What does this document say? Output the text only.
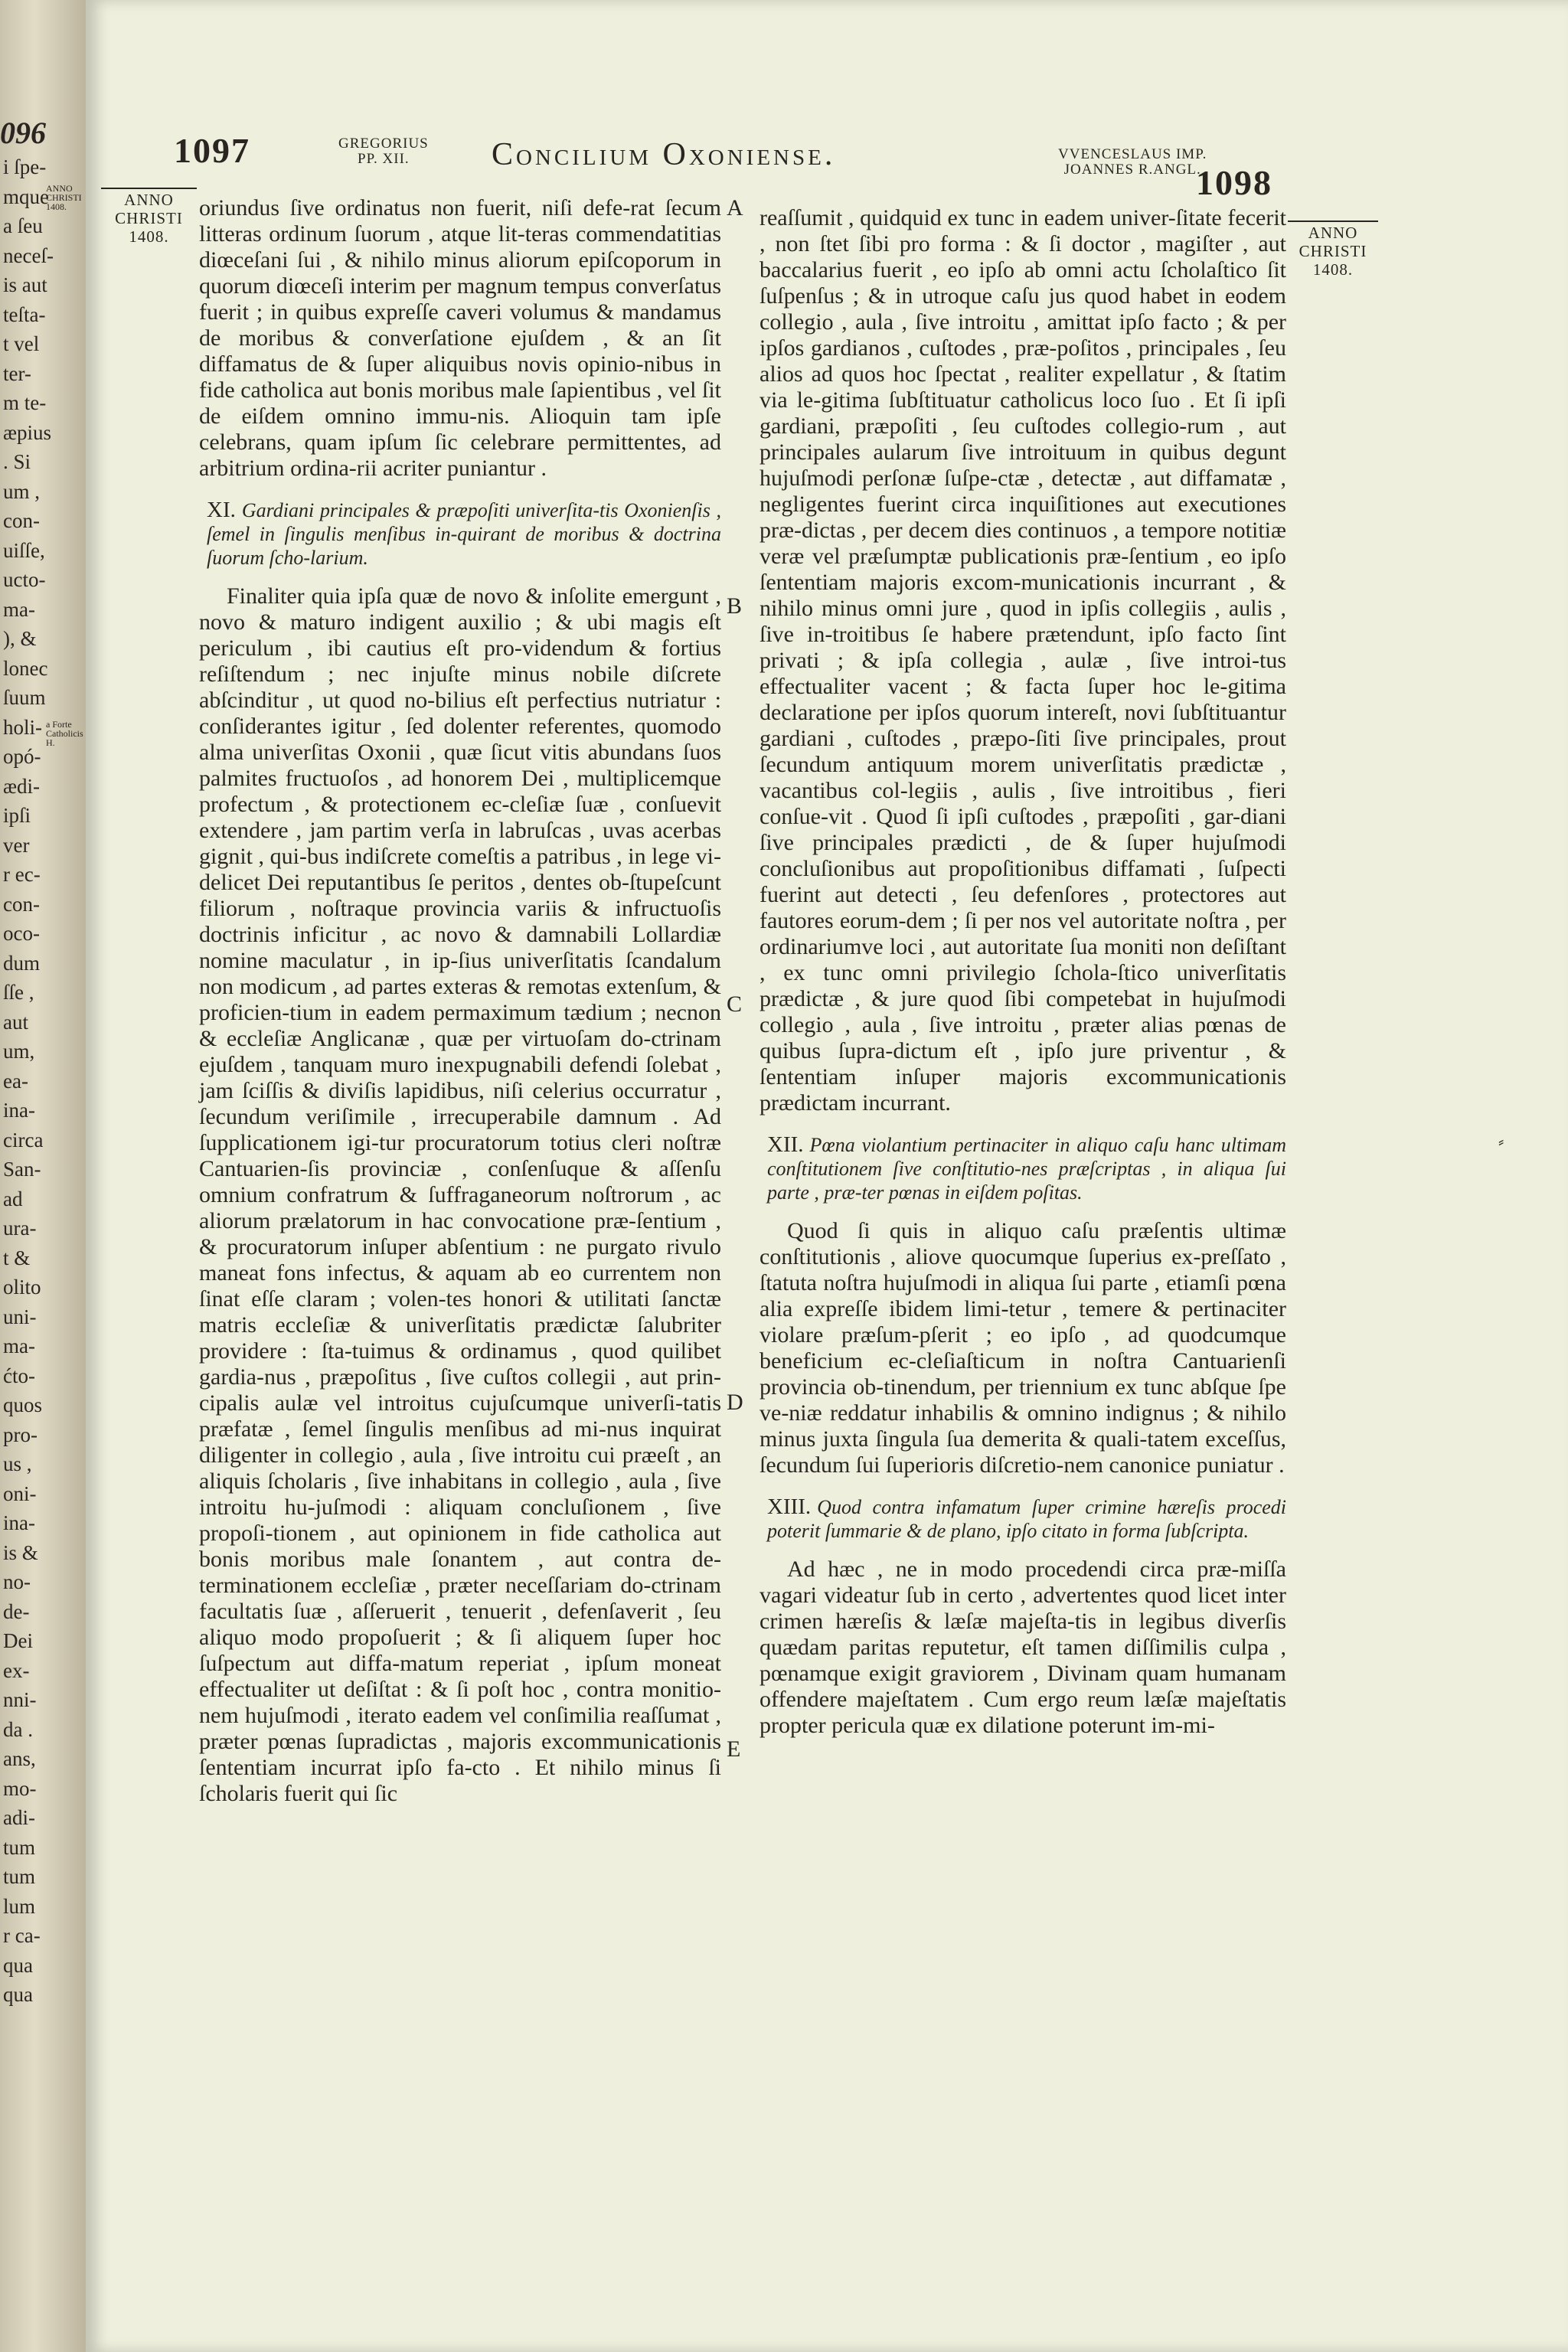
096
i ſpe-
mque
a ſeu
neceſ-
is aut
teſta-
t vel
ter-
m te-
æpius
. Si
um ,
con-
uiſſe,
ucto-
ma-
), &
lonec
ſuum
holi-
opó-
ædi-
ipſi
ver
r ec-
con-
oco-
dum
ſſe ,
aut
um,
ea-
ina-
circa
San-
ad
ura-
t &
olito
uni-
ma-
ćto-
quos
pro-
us ,
oni-
ina-
is &
no-
de-
Dei
ex-
nni-
da .
ans,
mo-
adi-
tum
tum
lum
r ca-
qua
qua
ANNO CHRISTI 1408.
a Forte Catholicis H.
1097	GREGORIUS
PP. XII.	Concilium Oxonienſe.	VVENCESLAUS IMP.
JOANNES R.ANGL.
1098
ANNO
CHRISTI
1408.	ANNO
CHRISTI
1408.
A
B
C
D
E
⸗

oriundus ſive ordinatus non fuerit, niſi defe-rat ſecum litteras ordinum ſuorum , atque lit-teras commendatitias diœceſani ſui , & nihilo minus aliorum epiſcoporum in quorum diœceſi interim per magnum tempus converſatus fuerit ; in quibus expreſſe caveri volumus & mandamus de moribus & converſatione ejuſdem , & an ſit diffamatus de & ſuper aliquibus novis opinio-nibus in fide catholica aut bonis moribus male ſapientibus , vel ſit de eiſdem omnino immu-nis. Alioquin tam ipſe celebrans, quam ipſum ſic celebrare permittentes, ad arbitrium ordina-rii acriter puniantur .

XI. Gardiani principales & præpoſiti univerſita-tis Oxonienſis , ſemel in ſingulis menſibus in-quirant de moribus & doctrina ſuorum ſcho-larium.

Finaliter quia ipſa quæ de novo & inſolite emergunt , novo & maturo indigent auxilio ; & ubi magis eſt periculum , ibi cautius eſt pro-videndum & fortius reſiſtendum ; nec injuſte minus nobile diſcrete abſcinditur , ut quod no-bilius eſt perfectius nutriatur : conſiderantes igitur , ſed dolenter referentes, quomodo alma univerſitas Oxonii , quæ ſicut vitis abundans ſuos palmites fructuoſos , ad honorem Dei , multiplicemque profectum , & protectionem ec-cleſiæ ſuæ , conſuevit extendere , jam partim verſa in labruſcas , uvas acerbas gignit , qui-bus indiſcrete comeſtis a patribus , in lege vi-delicet Dei reputantibus ſe peritos , dentes ob-ſtupeſcunt filiorum , noſtraque provincia variis & infructuoſis doctrinis inficitur , ac novo & damnabili Lollardiæ nomine maculatur , in ip-ſius univerſitatis ſcandalum non modicum , ad partes exteras & remotas extenſum, & proficien-tium in eadem permaximum tædium ; necnon & eccleſiæ Anglicanæ , quæ per virtuoſam do-ctrinam ejuſdem , tanquam muro inexpugnabili defendi ſolebat , jam ſciſſis & diviſis lapidibus, niſi celerius occurratur , ſecundum veriſimile , irrecuperabile damnum . Ad ſupplicationem igi-tur procuratorum totius cleri noſtræ Cantuarien-ſis provinciæ , conſenſuque & aſſenſu omnium confratrum & ſuffraganeorum noſtrorum , ac aliorum prælatorum in hac convocatione præ-ſentium , & procuratorum inſuper abſentium : ne purgato rivulo maneat fons infectus, & aquam ab eo currentem non ſinat eſſe claram ; volen-tes honori & utilitati ſanctæ matris eccleſiæ & univerſitatis prædictæ ſalubriter providere : ſta-tuimus & ordinamus , quod quilibet gardia-nus , præpoſitus , ſive cuſtos collegii , aut prin-cipalis aulæ vel introitus cujuſcumque univerſi-tatis præfatæ , ſemel ſingulis menſibus ad mi-nus inquirat diligenter in collegio , aula , ſive introitu cui præeſt , an aliquis ſcholaris , ſive inhabitans in collegio , aula , ſive introitu hu-juſmodi : aliquam concluſionem , ſive propoſi-tionem , aut opinionem in fide catholica aut bonis moribus male ſonantem , aut contra de-terminationem eccleſiæ , præter neceſſariam do-ctrinam facultatis ſuæ , aſſeruerit , tenuerit , defenſaverit , ſeu aliquo modo propoſuerit ; & ſi aliquem ſuper hoc ſuſpectum aut diffa-matum reperiat , ipſum moneat effectualiter ut deſiſtat : & ſi poſt hoc , contra monitio-nem hujuſmodi , iterato eadem vel conſimilia reaſſumat , præter pœnas ſupradictas , majoris excommunicationis ſententiam incurrat ipſo fa-cto . Et nihilo minus ſi ſcholaris fuerit qui ſic

reaſſumit , quidquid ex tunc in eadem univer-ſitate fecerit , non ſtet ſibi pro forma : & ſi doctor , magiſter , aut baccalarius fuerit , eo ipſo ab omni actu ſcholaſtico ſit ſuſpenſus ; & in utroque caſu jus quod habet in eodem collegio , aula , ſive introitu , amittat ipſo facto ; & per ipſos gardianos , cuſtodes , præ-poſitos , principales , ſeu alios ad quos hoc ſpectat , realiter expellatur , & ſtatim via le-gitima ſubſtituatur catholicus loco ſuo . Et ſi ipſi gardiani, præpoſiti , ſeu cuſtodes collegio-rum , aut principales aularum ſive introituum in quibus degunt hujuſmodi perſonæ ſuſpe-ctæ , detectæ , aut diffamatæ , negligentes fuerint circa inquiſitiones aut executiones præ-dictas , per decem dies continuos , a tempore notitiæ veræ vel præſumptæ publicationis præ-ſentium , eo ipſo ſententiam majoris excom-municationis incurrant , & nihilo minus omni jure , quod in ipſis collegiis , aulis , ſive in-troitibus ſe habere prætendunt, ipſo facto ſint privati ; & ipſa collegia , aulæ , ſive introi-tus effectualiter vacent ; & facta ſuper hoc le-gitima declaratione per ipſos quorum intereſt, novi ſubſtituantur gardiani , cuſtodes , præpo-ſiti ſive principales, prout ſecundum antiquum morem univerſitatis prædictæ , vacantibus col-legiis , aulis , ſive introitibus , fieri conſue-vit . Quod ſi ipſi cuſtodes , præpoſiti , gar-diani ſive principales prædicti , de & ſuper hujuſmodi concluſionibus aut propoſitionibus diffamati , ſuſpecti fuerint aut detecti , ſeu defenſores , protectores aut fautores eorum-dem ; ſi per nos vel autoritate noſtra , per ordinariumve loci , aut autoritate ſua moniti non deſiſtant , ex tunc omni privilegio ſchola-ſtico univerſitatis prædictæ , & jure quod ſibi competebat in hujuſmodi collegio , aula , ſive introitu , præter alias pœnas de quibus ſupra-dictum eſt , ipſo jure priventur , & ſententiam inſuper majoris excommunicationis prædictam incurrant.

XII. Pœna violantium pertinaciter in aliquo caſu hanc ultimam conſtitutionem ſive conſtitutio-nes præſcriptas , in aliqua ſui parte , præ-ter pœnas in eiſdem poſitas.

Quod ſi quis in aliquo caſu præſentis ultimæ conſtitutionis , aliove quocumque ſuperius ex-preſſato , ſtatuta noſtra hujuſmodi in aliqua ſui parte , etiamſi pœna alia expreſſe ibidem limi-tetur , temere & pertinaciter violare præſum-pſerit ; eo ipſo , ad quodcumque beneficium ec-cleſiaſticum in noſtra Cantuarienſi provincia ob-tinendum, per triennium ex tunc abſque ſpe ve-niæ reddatur inhabilis & omnino indignus ; & nihilo minus juxta ſingula ſua demerita & quali-tatem exceſſus, ſecundum ſui ſuperioris diſcretio-nem canonice puniatur .

XIII. Quod contra infamatum ſuper crimine hæreſis procedi poterit ſummarie & de plano, ipſo citato in forma ſubſcripta.

Ad hæc , ne in modo procedendi circa præ-miſſa vagari videatur ſub in certo , advertentes quod licet inter crimen hæreſis & læſæ majeſta-tis in legibus diverſis quædam paritas reputetur, eſt tamen diſſimilis culpa , pœnamque exigit graviorem , Divinam quam humanam offendere majeſtatem . Cum ergo reum læſæ majeſtatis propter pericula quæ ex dilatione poterunt im-mi-
